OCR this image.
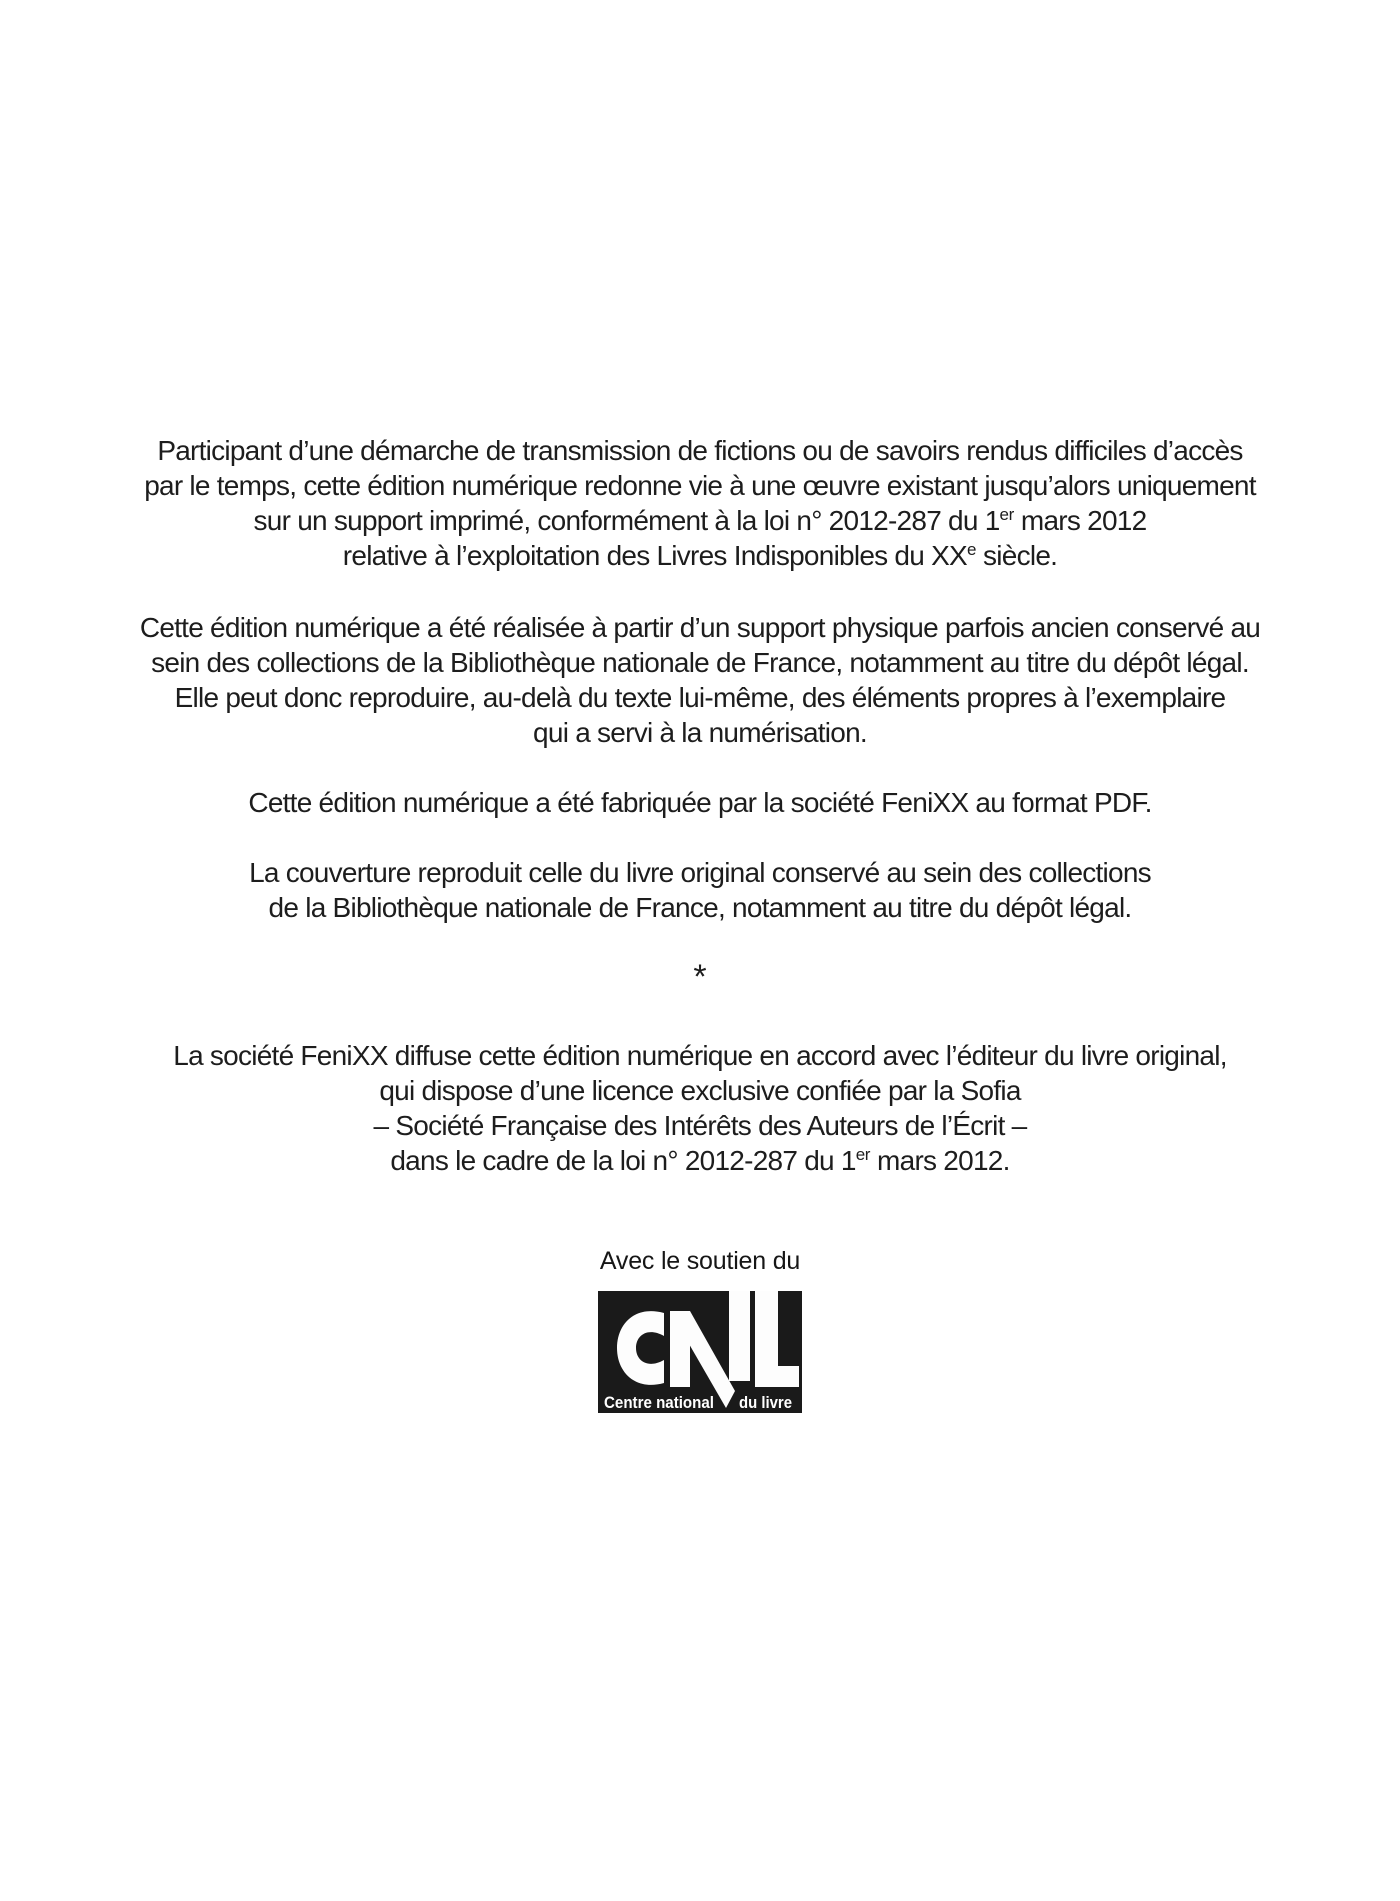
Participant d’une démarche de transmission de fictions ou de savoirs rendus difficiles d’accès
par le temps, cette édition numérique redonne vie à une œuvre existant jusqu’alors uniquement
sur un support imprimé, conformément à la loi n° 2012-287 du 1er mars 2012
relative à l’exploitation des Livres Indisponibles du XXe siècle.
Cette édition numérique a été réalisée à partir d’un support physique parfois ancien conservé au
sein des collections de la Bibliothèque nationale de France, notamment au titre du dépôt légal.
Elle peut donc reproduire, au-delà du texte lui-même, des éléments propres à l’exemplaire
qui a servi à la numérisation.
Cette édition numérique a été fabriquée par la société FeniXX au format PDF.
La couverture reproduit celle du livre original conservé au sein des collections
de la Bibliothèque nationale de France, notamment au titre du dépôt légal.
*
La société FeniXX diffuse cette édition numérique en accord avec l’éditeur du livre original,
qui dispose d’une licence exclusive confiée par la Sofia
– Société Française des Intérêts des Auteurs de l’Écrit –
dans le cadre de la loi n° 2012-287 du 1er mars 2012.
Avec le soutien du
Centre national du livre
